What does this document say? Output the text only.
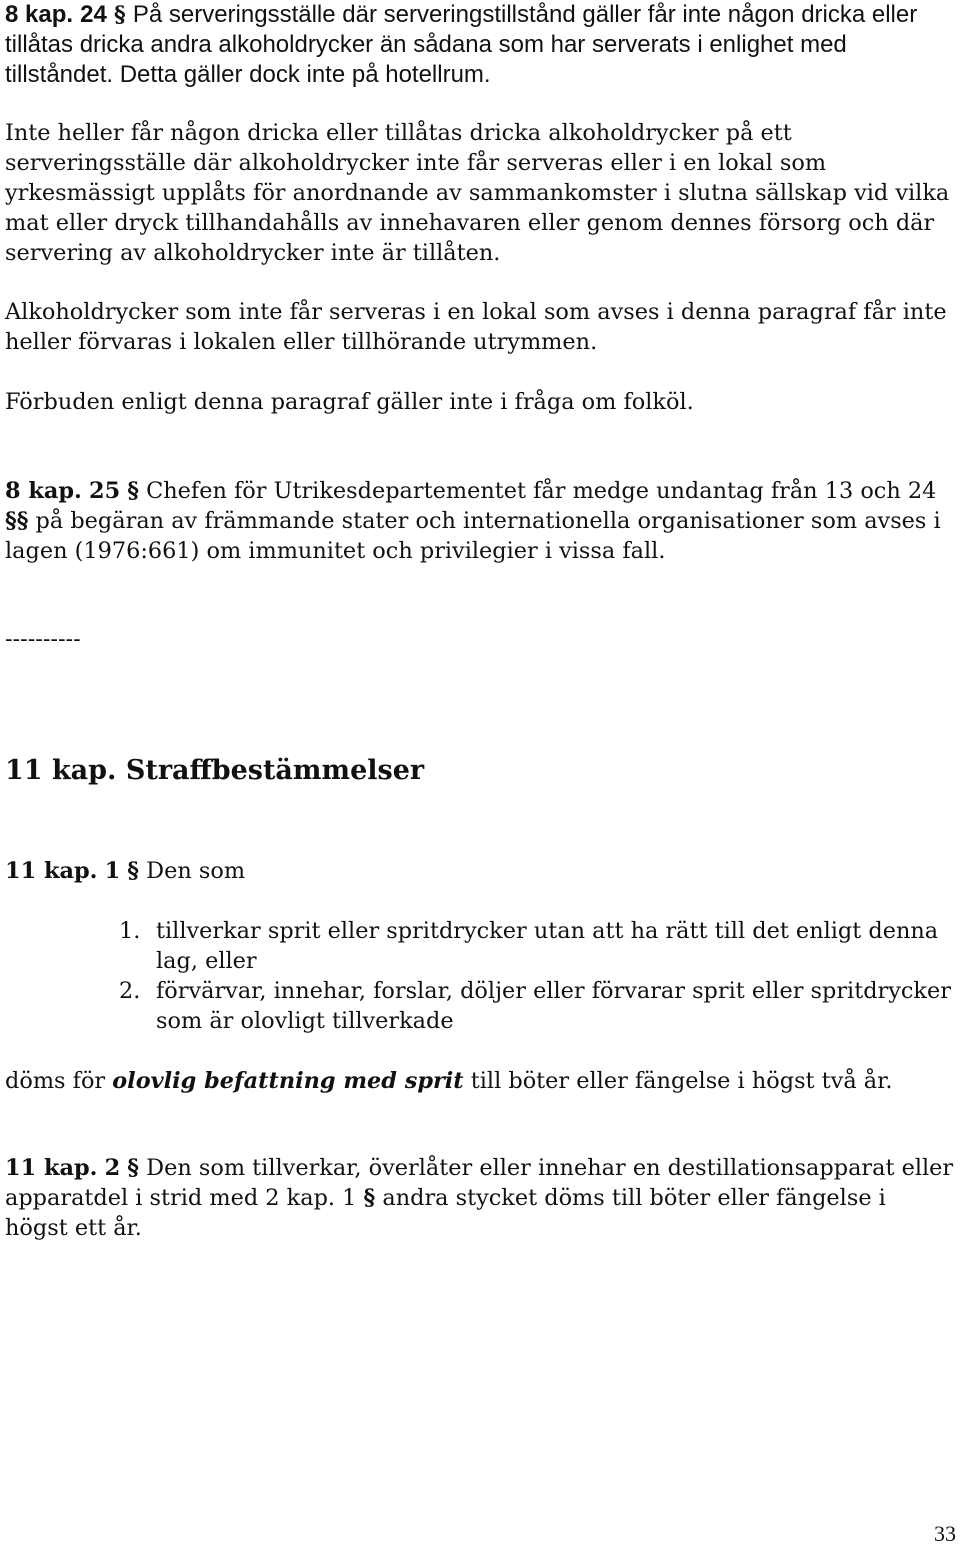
8 kap. 24 § På serveringsställe där serveringstillstånd gäller får inte någon dricka eller tillåtas dricka andra alkoholdrycker än sådana som har serverats i enlighet med tillståndet. Detta gäller dock inte på hotellrum.

Inte heller får någon dricka eller tillåtas dricka alkoholdrycker på ett serveringsställe där alkoholdrycker inte får serveras eller i en lokal som yrkesmässigt upplåts för anordnande av sammankomster i slutna sällskap vid vilka mat eller dryck tillhandahålls av innehavaren eller genom dennes försorg och där servering av alkoholdrycker inte är tillåten.

Alkoholdrycker som inte får serveras i en lokal som avses i denna paragraf får inte heller förvaras i lokalen eller tillhörande utrymmen.

Förbuden enligt denna paragraf gäller inte i fråga om folköl.

8 kap. 25 § Chefen för Utrikesdepartementet får medge undantag från 13 och 24 §§ på begäran av främmande stater och internationella organisationer som avses i lagen (1976:661) om immunitet och privilegier i vissa fall.

----------

11 kap. Straffbestämmelser

11 kap. 1 § Den som

1. tillverkar sprit eller spritdrycker utan att ha rätt till det enligt denna lag, eller
2. förvärvar, innehar, forslar, döljer eller förvarar sprit eller spritdrycker som är olovligt tillverkade

döms för olovlig befattning med sprit till böter eller fängelse i högst två år.

11 kap. 2 § Den som tillverkar, överlåter eller innehar en destillationsapparat eller apparatdel i strid med 2 kap. 1 § andra stycket döms till böter eller fängelse i högst ett år.

33
